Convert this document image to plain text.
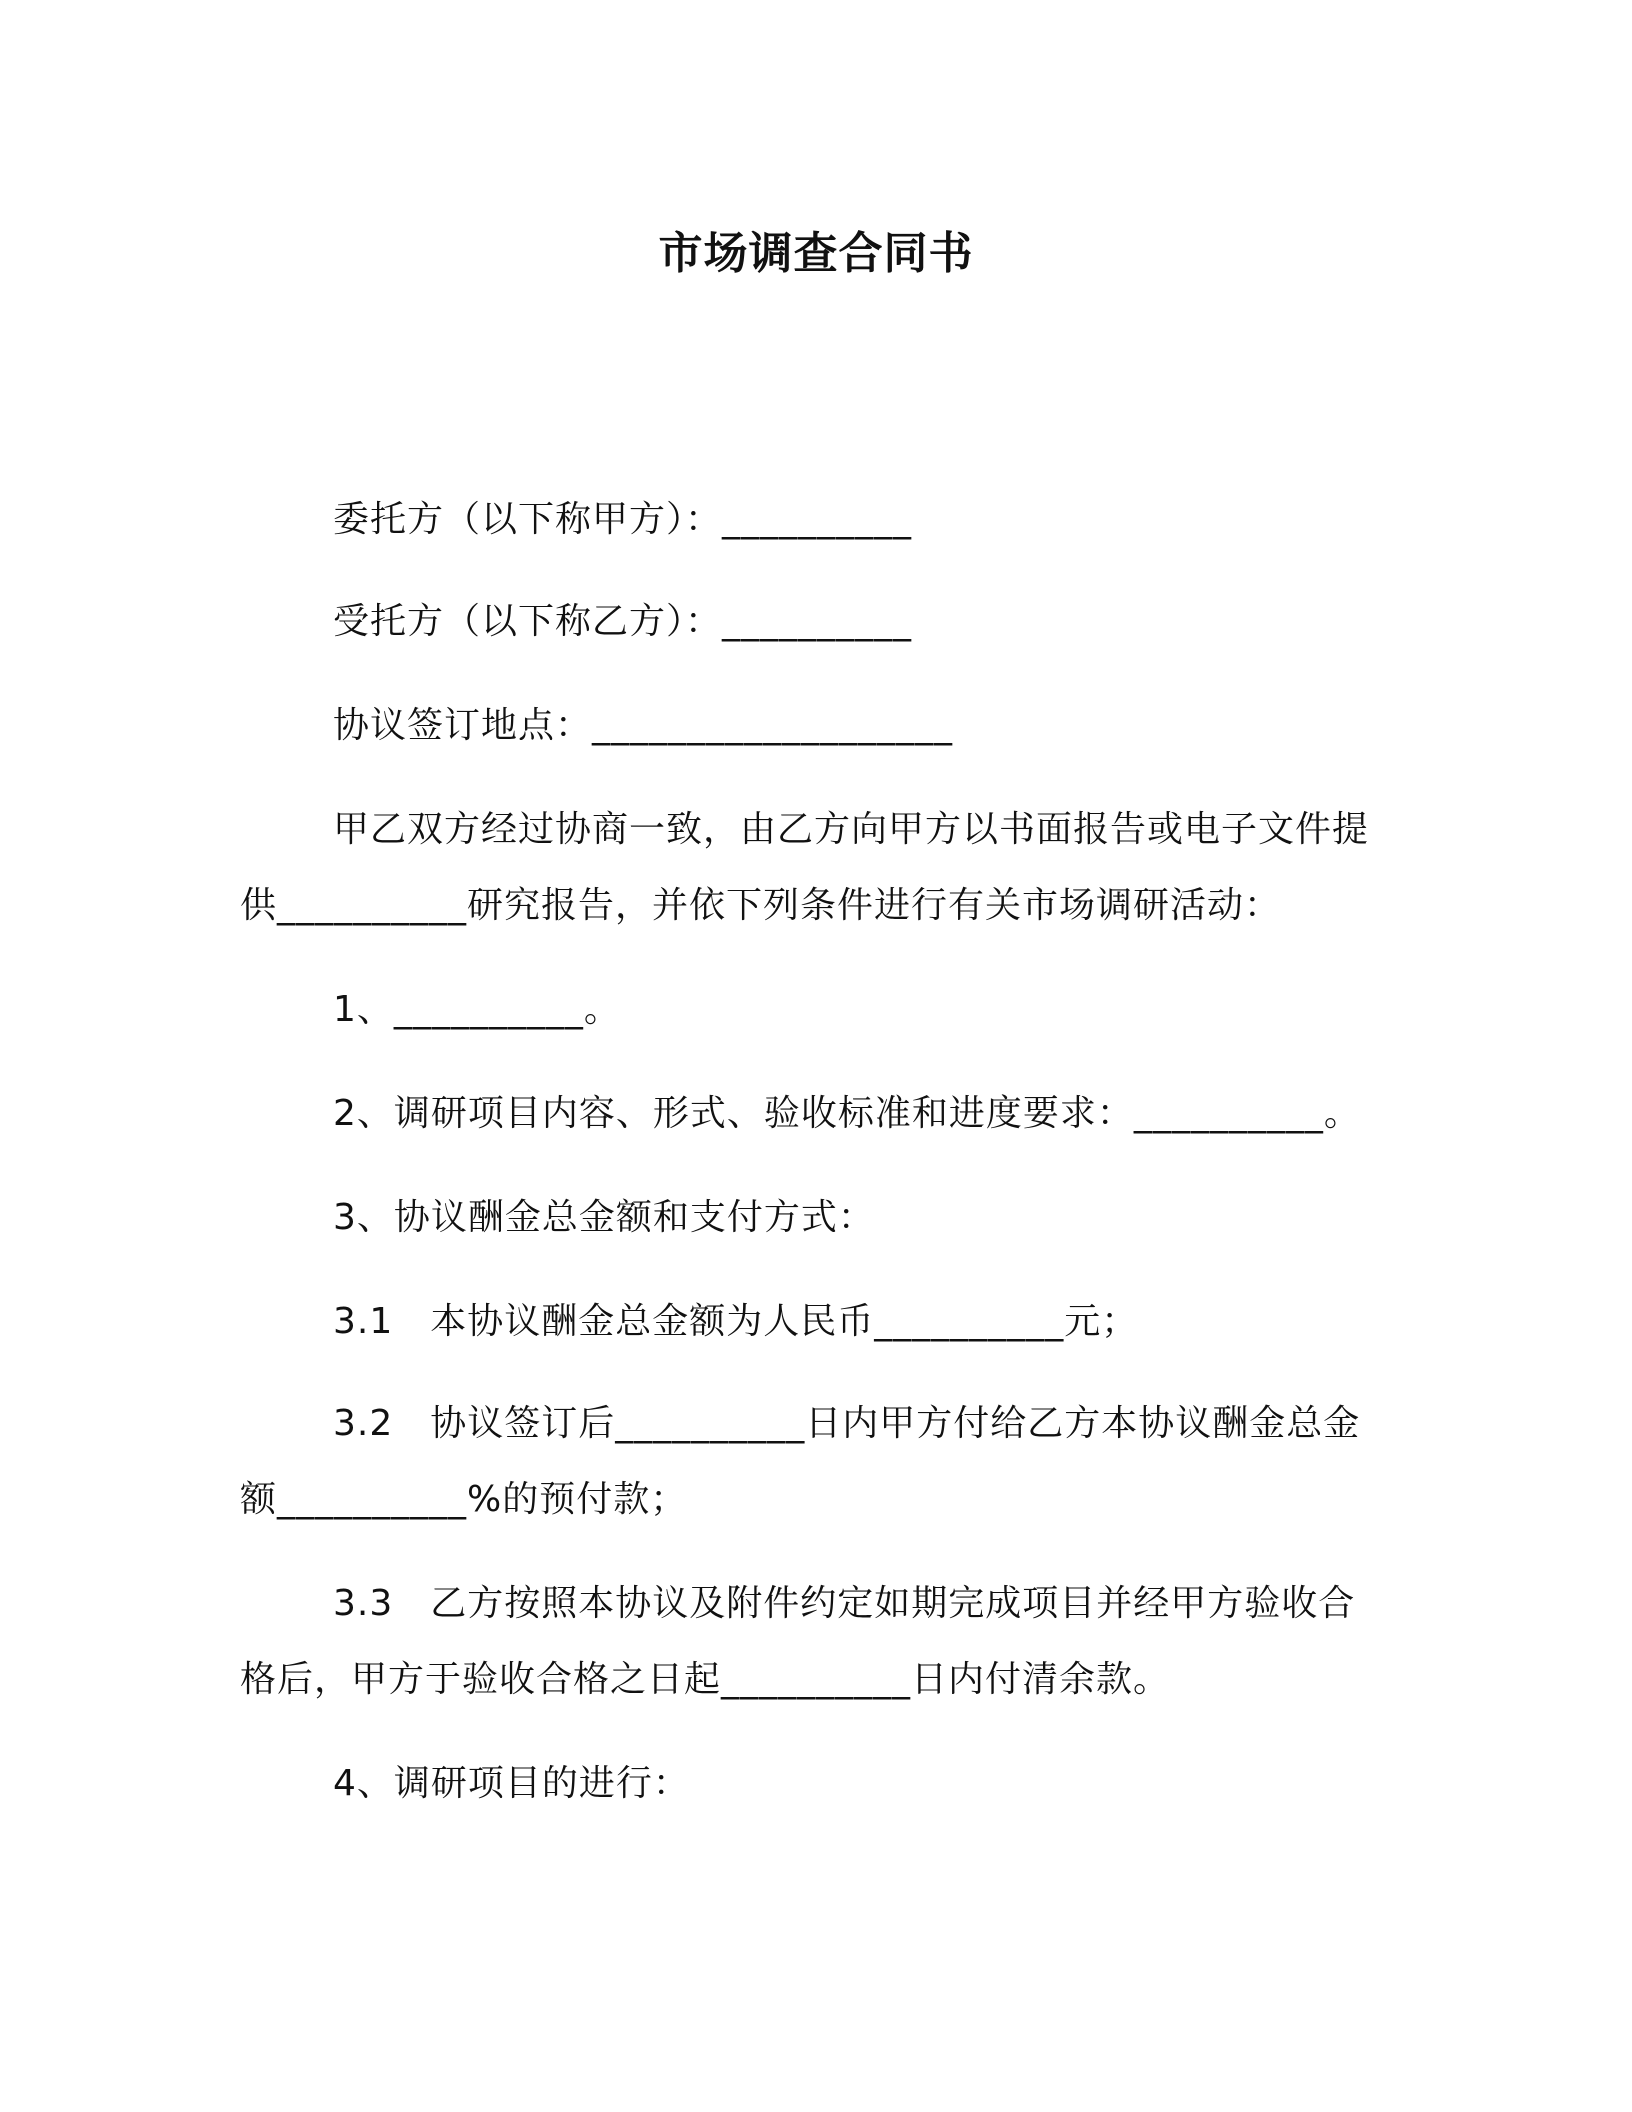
市场调查合同书
委托方（以下称甲方）：__________
受托方（以下称乙方）：__________
协议签订地点：___________________
甲乙双方经过协商一致，由乙方向甲方以书面报告或电子文件提
供__________研究报告，并依下列条件进行有关市场调研活动：
1、__________。
2、调研项目内容、形式、验收标准和进度要求：__________。
3、协议酬金总金额和支付方式：
3.1　本协议酬金总金额为人民币__________元；
3.2　协议签订后__________日内甲方付给乙方本协议酬金总金
额__________%的预付款；
3.3　乙方按照本协议及附件约定如期完成项目并经甲方验收合
格后，甲方于验收合格之日起__________日内付清余款。
4、调研项目的进行：
